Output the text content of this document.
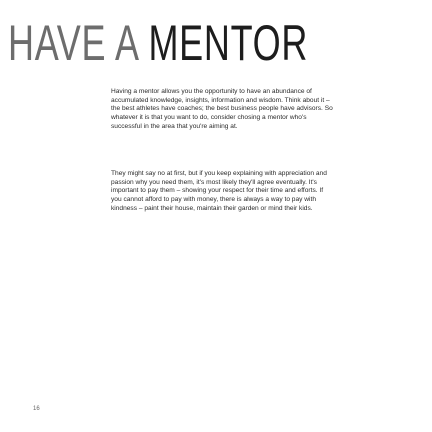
HAVE A MENTOR

Having a mentor allows you the opportunity to have an abundance of accumulated knowledge, insights, information and wisdom. Think about it – the best athletes have coaches; the best business people have advisors. So whatever it is that you want to do, consider chosing a mentor who's successful in the area that you're aiming at.

They might say no at first, but if you keep explaining with appreciation and passion why you need them, it's most likely they'll agree eventually. It's important to pay them – showing your respect for their time and efforts. If you cannot afford to pay with money, there is always a way to pay with kindness – paint their house, maintain their garden or mind their kids.

16
